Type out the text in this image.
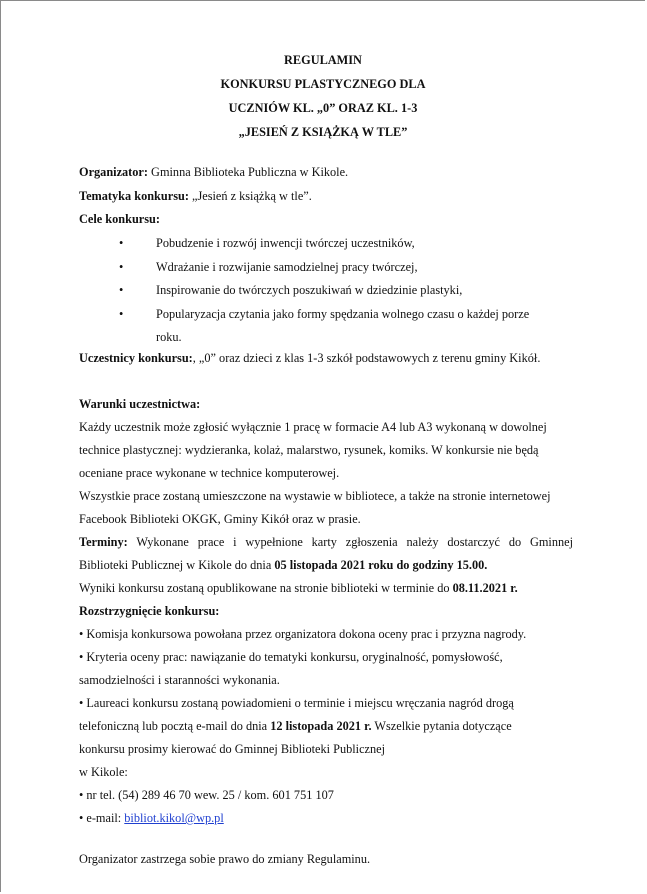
REGULAMIN
KONKURSU PLASTYCZNEGO DLA
UCZNIÓW KL. „0” ORAZ KL. 1-3
„JESIEŃ Z KSIĄŻKĄ W TLE”
Organizator: Gminna Biblioteka Publiczna w Kikole.
Tematyka konkursu: „Jesień z książką w tle”.
Cele konkursu:
•	Pobudzenie i rozwój inwencji twórczej uczestników,
•	Wdrażanie i rozwijanie samodzielnej pracy twórczej,
•	Inspirowanie do twórczych poszukiwań w dziedzinie plastyki,
•	Popularyzacja czytania jako formy spędzania wolnego czasu o każdej porze
roku.
Uczestnicy konkursu:, „0” oraz dzieci z klas 1-3 szkół podstawowych z terenu gminy Kikół.
Warunki uczestnictwa:
Każdy uczestnik może zgłosić wyłącznie 1 pracę w formacie A4 lub A3 wykonaną w dowolnej
technice plastycznej: wydzieranka, kolaż, malarstwo, rysunek, komiks. W konkursie nie będą
oceniane prace wykonane w technice komputerowej.
Wszystkie prace zostaną umieszczone na wystawie w bibliotece, a także na stronie internetowej
Facebook Biblioteki OKGK, Gminy Kikół oraz w prasie.
Terminy: Wykonane prace i wypełnione karty zgłoszenia należy dostarczyć do Gminnej
Biblioteki Publicznej w Kikole do dnia 05 listopada 2021 roku do godziny 15.00.
Wyniki konkursu zostaną opublikowane na stronie biblioteki w terminie do 08.11.2021 r.
Rozstrzygnięcie konkursu:
• Komisja konkursowa powołana przez organizatora dokona oceny prac i przyzna nagrody.
• Kryteria oceny prac: nawiązanie do tematyki konkursu, oryginalność, pomysłowość,
samodzielności i staranności wykonania.
• Laureaci konkursu zostaną powiadomieni o terminie i miejscu wręczania nagród drogą
telefoniczną lub pocztą e-mail do dnia 12 listopada 2021 r. Wszelkie pytania dotyczące
konkursu prosimy kierować do Gminnej Biblioteki Publicznej
w Kikole:
• nr tel. (54) 289 46 70 wew. 25 / kom. 601 751 107
• e-mail: bibliot.kikol@wp.pl
Organizator zastrzega sobie prawo do zmiany Regulaminu.
